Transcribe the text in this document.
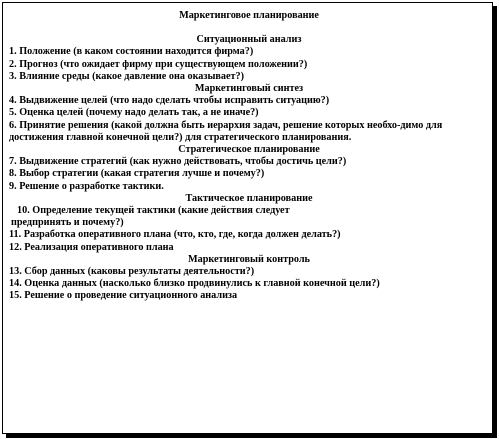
Маркетинговое планирование
Ситуационный анализ
1. Положение (в каком состоянии находится фирма?)
2. Прогноз (что ожидает фирму при существующем положении?)
3. Влияние среды (какое давление она оказывает?)
Маркетинговый синтез
4. Выдвижение целей (что надо сделать чтобы исправить ситуацию?)
5. Оценка целей (почему надо делать так, а не иначе?)
6. Принятие решения (какой должна быть иерархия задач, решение которых необхо-димо для достижения главной конечной цели?) для стратегического планирования.
Стратегическое планирование
7. Выдвижение стратегий (как нужно действовать, чтобы достичь цели?)
8. Выбор стратегии (какая стратегия лучше и почему?)
9. Решение о разработке тактики.
Тактическое планирование
10. Определение текущей тактики (какие действия следует
предпринять и почему?)
11. Разработка оперативного плана (что, кто, где, когда должен делать?)
12. Реализация оперативного плана
Маркетинговый контроль
13. Сбор данных (каковы результаты деятельности?)
14. Оценка данных (насколько близко продвинулись к главной конечной цели?)
15. Решение о проведение ситуационного анализа
